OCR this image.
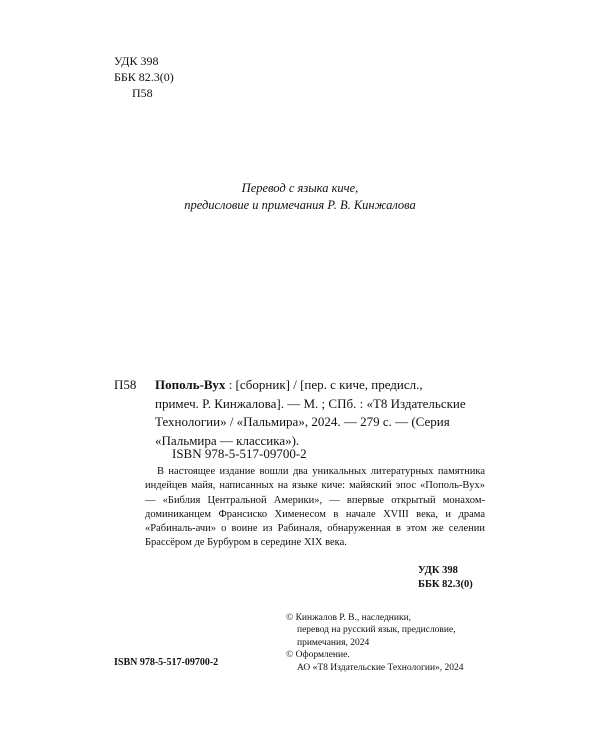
УДК 398
ББК 82.3(0)
П58
Перевод с языка киче,
предисловие и примечания Р. В. Кинжалова
П58 Пополь-Вух : [сборник] / [пер. с киче, предисл.,
примеч. Р. Кинжалова]. — М. ; СПб. : «Т8 Издательские
Технологии» / «Пальмира», 2024. — 279 с. — (Серия
«Пальмира — классика»).
ISBN 978-5-517-09700-2
В настоящее издание вошли два уникальных литературных памятника индейцев майя, написанных на языке киче: майяский эпос «Пополь-Вух» — «Библия Центральной Америки», — впервые открытый монахом-доминиканцем Франсиско Хименесом в начале XVIII века, и драма «Рабиналь-ачи» о воине из Рабиналя, обнаруженная в этом же селении Брассёром де Бурбуром в середине XIX века.
УДК 398
ББК 82.3(0)
© Кинжалов Р. В., наследники,
перевод на русский язык, предисловие,
примечания, 2024
© Оформление.
АО «Т8 Издательские Технологии», 2024
ISBN 978-5-517-09700-2
